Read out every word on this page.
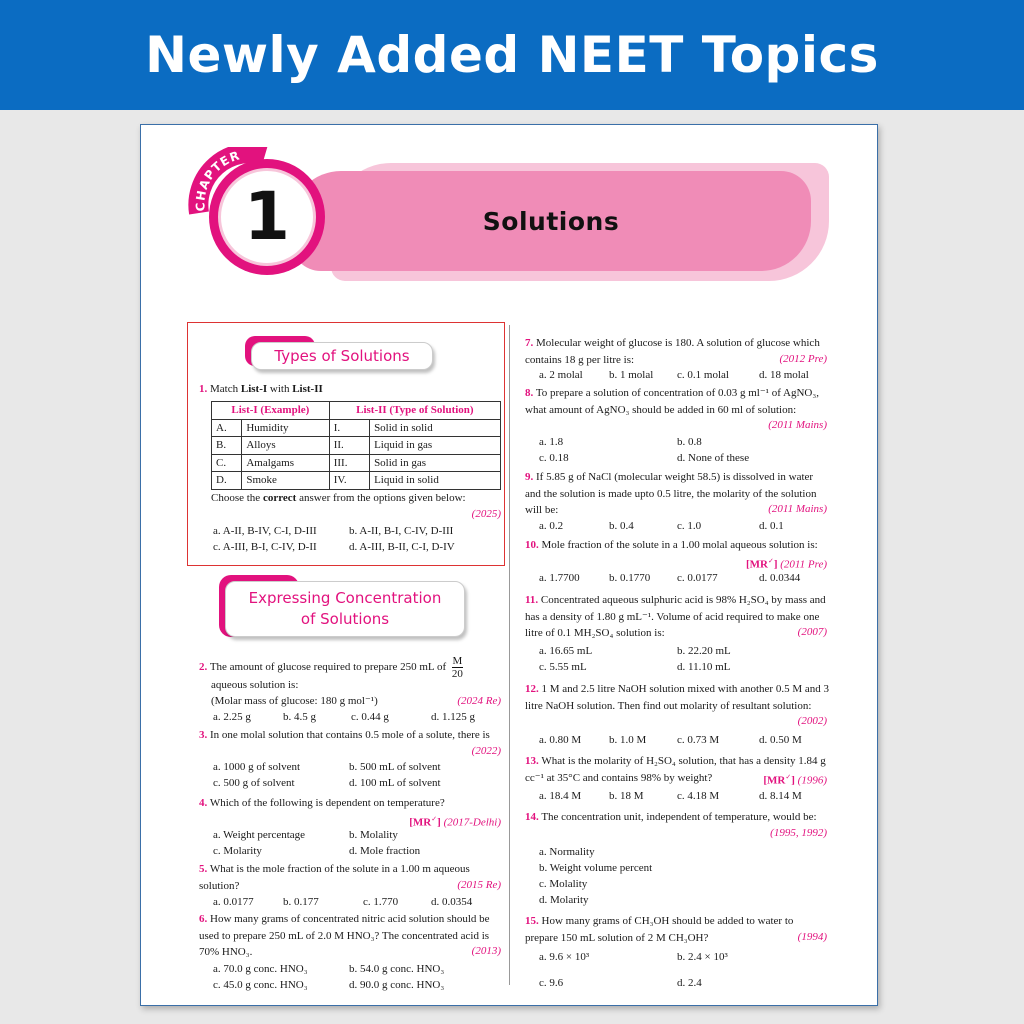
Newly Added NEET Topics
Solutions
1
CHAPTER
Types of Solutions
1. Match List-I with List-II
List-I (Example)		List-II (Type of Solution)	
A.	Humidity	I.	Solid in solid
B.	Alloys	II.	Liquid in gas
C.	Amalgams	III.	Solid in gas
D.	Smoke	IV.	Liquid in solid
Choose the correct answer from the options given below:
(2025)
a. A-II, B-IV, C-I, D-III	b. A-II, B-I, C-IV, D-III
c. A-III, B-I, C-IV, D-II	d. A-III, B-II, C-I, D-IV
Expressing Concentration
of Solutions
2. The amount of glucose required to prepare 250 mL of $\frac{M}{20}$
aqueous solution is:
(2024 Re)
(Molar mass of glucose: 180 g mol⁻¹)
a. 2.25 g	b. 4.5 g	c. 0.44 g	d. 1.125 g
3. In one molal solution that contains 0.5 mole of a solute, there is
(2022)
a. 1000 g of solvent	b. 500 mL of solvent
c. 500 g of solvent	d. 100 mL of solvent
4. Which of the following is dependent on temperature?
[MR✓] (2017-Delhi)
a. Weight percentage	b. Molality
c. Molarity	d. Mole fraction
5. What is the mole fraction of the solute in a 1.00 m aqueous solution?	(2015 Re)
a. 0.0177	b. 0.177	c. 1.770	d. 0.0354
6. How many grams of concentrated nitric acid solution should be used to prepare 250 mL of 2.0 M HNO₃? The concentrated acid is 70% HNO₃.	(2013)
a. 70.0 g conc. HNO₃	b. 54.0 g conc. HNO₃
c. 45.0 g conc. HNO₃	d. 90.0 g conc. HNO₃
7. Molecular weight of glucose is 180. A solution of glucose which contains 18 g per litre is:	(2012 Pre)
a. 2 molal b. 1 molal c. 0.1 molal	d. 18 molal
8. To prepare a solution of concentration of 0.03 g ml⁻¹ of AgNO₃, what amount of AgNO₃ should be added in 60 ml of solution:
(2011 Mains)
a. 1.8	b. 0.8
c. 0.18	d. None of these
9. If 5.85 g of NaCl (molecular weight 58.5) is dissolved in water and the solution is made upto 0.5 litre, the molarity of the solution will be:	(2011 Mains)
a. 0.2	b. 0.4	c. 1.0	d. 0.1
10. Mole fraction of the solute in a 1.00 molal aqueous solution is:
[MR✓] (2011 Pre)
a. 1.7700	b. 0.1770 c. 0.0177	d. 0.0344
11. Concentrated aqueous sulphuric acid is 98% H₂SO₄ by mass and has a density of 1.80 g mL⁻¹. Volume of acid required to make one litre of 0.1 MH₂SO₄ solution is:	(2007)
a. 16.65 mL	b. 22.20 mL
c. 5.55 mL	d. 11.10 mL
12. 1 M and 2.5 litre NaOH solution mixed with another 0.5 M and 3 litre NaOH solution. Then find out molarity of resultant solution:
(2002)
a. 0.80 M	b. 1.0 M	c. 0.73 M	d. 0.50 M
13. What is the molarity of H₂SO₄ solution, that has a density 1.84 g cc⁻¹ at 35°C and contains 98% by weight?	[MR✓] (1996)
a. 18.4 M	b. 18 M	c. 4.18 M	d. 8.14 M
14. The concentration unit, independent of temperature, would be:
(1995, 1992)
a. Normality
b. Weight volume percent
c. Molality
d. Molarity
15. How many grams of CH₃OH should be added to water to prepare 150 mL solution of 2 M CH₃OH?	(1994)
a. 9.6 × 10³	b. 2.4 × 10³
c. 9.6	d. 2.4
